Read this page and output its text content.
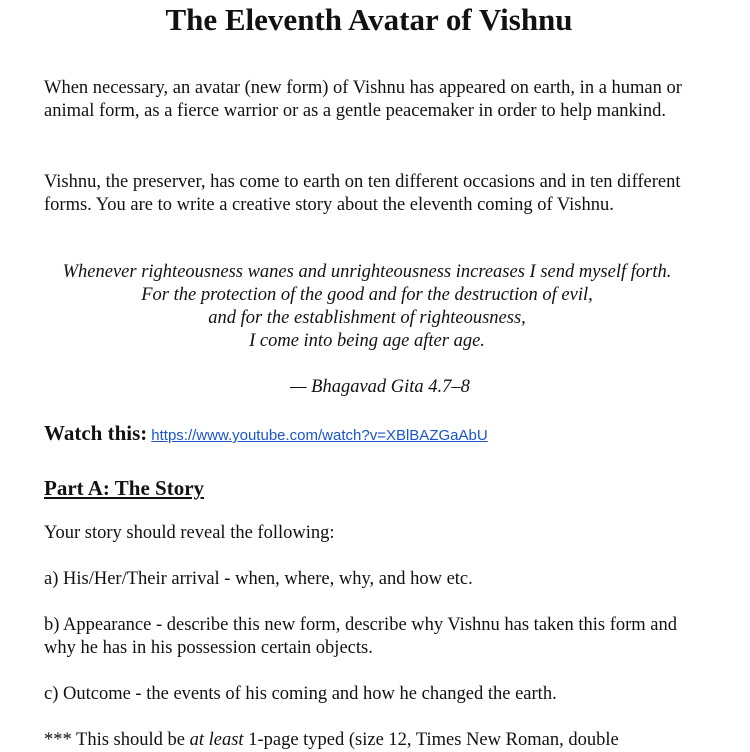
The Eleventh Avatar of Vishnu

When necessary, an avatar (new form) of Vishnu has appeared on earth, in a human or animal form, as a fierce warrior or as a gentle peacemaker in order to help mankind.

Vishnu, the preserver, has come to earth on ten different occasions and in ten different forms. You are to write a creative story about the eleventh coming of Vishnu.

Whenever righteousness wanes and unrighteousness increases I send myself forth.
For the protection of the good and for the destruction of evil,
and for the establishment of righteousness,
I come into being age after age.

— Bhagavad Gita 4.7–8

Watch this: https://www.youtube.com/watch?v=XBlBAZGaAbU

Part A: The Story

Your story should reveal the following:

a) His/Her/Their arrival - when, where, why, and how etc.

b) Appearance - describe this new form, describe why Vishnu has taken this form and why he has in his possession certain objects.

c) Outcome - the events of his coming and how he changed the earth.

*** This should be at least 1-page typed (size 12, Times New Roman, double
